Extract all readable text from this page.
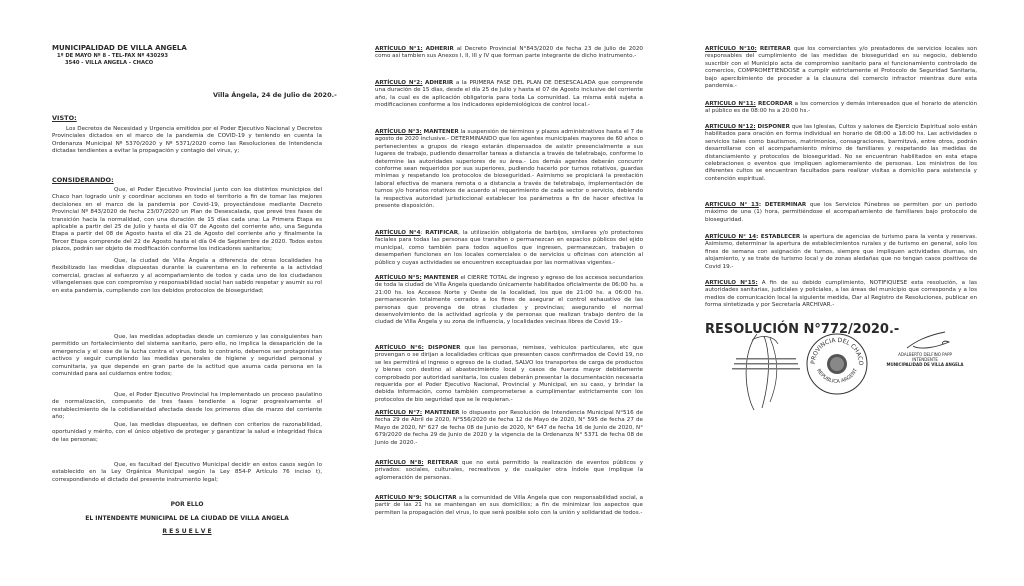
MUNICIPALIDAD DE VILLA ANGELA
1º DE MAYO Nº 8 - TEL-FAX Nº 430293
3540 - VILLA ANGELA - CHACO
Villa Ángela, 24 de Julio de 2020.-
VISTO:
Los Decretos de Necesidad y Urgencia emitidos por el Poder Ejecutivo Nacional y Decretos Provinciales dictados en el marco de la pandemia de COVID-19 y teniendo en cuenta la Ordenanza Municipal Nº 5370/2020 y Nº 5371/2020 como las Resoluciones de Intendencia dictadas tendientes a evitar la propagación y contagio del virus, y;
CONSIDERANDO:
Que, el Poder Ejecutivo Provincial junto con los distintos municipios del Chaco han logrado unir y coordinar acciones en todo el territorio a fin de tomar las mejores decisiones en el marco de la pandemia por Covid-19, proyectándose mediante Decreto Provincial Nº 843/2020 de fecha 23/07/2020 un Plan de Desescalada, que prevé tres fases de transición hacia la normalidad, con una duración de 15 días cada una: La Primera Etapa es aplicable a partir del 25 de Julio y hasta el día 07 de Agosto del corriente año, una Segunda Etapa a partir del 08 de Agosto hasta el día 21 de Agosto del corriente año y finalmente la Tercer Etapa comprende del 22 de Agosto hasta el día 04 de Septiembre de 2020. Todos estos plazos, podrán ser objeto de modificación conforme los indicadores sanitarios;
Que, la ciudad de Villa Ángela a diferencia de otras localidades ha flexibilizado las medidas dispuestas durante la cuarentena en lo referente a la actividad comercial, gracias al esfuerzo y al acompañamiento de todos y cada uno de los ciudadanos villangelenses que con compromiso y responsabilidad social han sabido respetar y asumir su rol en esta pandemia, cumpliendo con los debidos protocolos de bioseguridad;
Que, las medidas adoptadas desde un comienzo y las consiguientes han permitido un fortalecimiento del sistema sanitario, pero ello, no implica la desaparición de la emergencia y el cese de la lucha contra el virus, todo lo contrario, debemos ser protagonistas activos y seguir cumpliendo las medidas generales de higiene y seguridad personal y comunitaria, ya que depende en gran parte de la actitud que asuma cada persona en la comunidad para así cuidarnos entre todos;
Que, el Poder Ejecutivo Provincial ha implementado un proceso paulatino de normalización, compuesto de tres fases tendiente a lograr progresivamente el restablecimiento de la cotidianeidad afectada desde los primeros días de marzo del corriente año;
Que, las medidas dispuestas, se definen con criterios de razonabilidad, oportunidad y mérito, con el único objetivo de proteger y garantizar la salud e integridad física de las personas;
Que, es facultad del Ejecutivo Municipal decidir en estos casos según lo establecido en la Ley Orgánica Municipal según la Ley 854-P Artículo 76 inciso t), correspondiendo el dictado del presente instrumento legal;
POR ELLO
EL INTENDENTE MUNICIPAL DE LA CIUDAD DE VILLA ANGELA
R E S U E L V E
ARTÍCULO N°1: ADHERIR al Decreto Provincial N°843/2020 de fecha 23 de Julio de 2020 como así tambien sus Anexos I, II, III y IV que forman parte integrante de dicho instrumento.-
ARTÍCULO N°2: ADHERIR a la PRIMERA FASE DEL PLAN DE DESESCALADA que comprende una duración de 15 días, desde el día 25 de Julio y hasta el 07 de Agosto inclusive del corriente año, la cual es de aplicación obligatoria para toda La comunidad. La misma está sujeta a modificaciones conforme a los indicadores epidemiológicos de control local.-
ARTÍCULO N°3: MANTENER la suspensión de términos y plazos administrativos hasta el 7 de agosto de 2020 inclusive.- DETERMINANDO que los agentes municipales mayores de 60 años o pertenecientes a grupos de riesgo estarán dispensados de asistir presencialmente a sus lugares de trabajo, pudiendo desarrollar tareas a distancia a través de teletrabajo, conforme lo determine las autoridades superiores de su área.- Los demás agentes deberán concurrir conforme sean requeridos por sus superiores, pudiendo hacerlo por turnos rotativos, guardas mínimas y respetando los protocolos de bioseguridad.- Asimismo se propiciará la prestación laboral efectiva de manera remota o a distancia a través de teletrabajo, implementación de turnos y/o horarios rotativos de acuerdo al requerimiento de cada sector o servicio, debiendo la respectiva autoridad jurisdiccional establecer los parámetros a fin de hacer efectiva la presente disposición.
ARTÍCULO N°4: RATIFICAR, la utilización obligatoria de barbijos, similares y/o protectores faciales para todas las personas que transiten o permanezcan en espacios públicos del ejido municipal, como también para todos aquellos que ingresen, permanezcan, trabajen o desempeñen funciones en los locales comerciales o de servicios u oficinas con atención al público y cuyas actividades se encuentren exceptuadas por las normativas vigentes.-
ARTÍCULO N°5: MANTENER el CIERRE TOTAL de ingreso y egreso de los accesos secundarios de toda la ciudad de Villa Ángela quedando únicamente habilitados oficialmente de 06:00 hs. a 21:00 hs. los Accesos Norte y Oeste de la localidad, los que de 21:00 hs. a 06:00 hs. permanecerán totalmente cerrados a los fines de asegurar el control exhaustivo de las personas que provenga de otras ciudades y provincias; asegurando el normal desenvolvimiento de la actividad agrícola y de personas que realizan trabajo dentro de la ciudad de Villa Ángela y su zona de influencia, y localidades vecinas libres de Covid 19.-
ARTÍCULO N°6: DISPONER que las personas, remises, vehiculos particulares, etc que provengan o se dirijan a localidades críticas que presenten casos confirmados de Covid 19, no se les permitirá el ingreso o egreso de la ciudad, SALVO los transportes de carga de productos y bienes con destino al abastecimiento local y casos de fuerza mayor debidamente comprobado por autoridad sanitaria, los cuales deberán presentar la documentación necesaria requerida por el Poder Ejecutivo Nacional, Provincial y Municipal, en su caso, y brindar la debida información, como también comprometerse a cumplimentar estrictamente con los protocolos de bio seguridad que se le requieran.-
ARTÍCULO N°7: MANTENER lo dispuesto por Resolución de Intendencia Municipal N°516 de fecha 29 de Abril de 2020, N°556/2020 de fecha 12 de Mayo de 2020, N° 595 de fecha 27 de Mayo de 2020, N° 627 de fecha 08 de Junio de 2020, N° 647 de fecha 16 de Junio de 2020, N° 679/2020 de fecha 29 de Junio de 2020 y la vigencia de la Ordenanza N° 5371 de fecha 08 de Junio de 2020.-
ARTÍCULO N°8: REITERAR que no está permitido la realización de eventos públicos y privados: sociales, culturales, recreativos y de cualquier otra índole que implique la aglomeración de personas.
ARTÍCULO N°9: SOLICITAR a la comunidad de Villa Angela que con responsabilidad social, a partir de las 21 hs se mantengan en sus domicilios; a fin de minimizar los aspectos que permiten la propagación del virus, lo que será posible solo con la unión y solidaridad de todos.-
ARTÍCULO N°10: REITERAR que los comerciantes y/o prestadores de servicios locales son responsables del cumplimiento de las medidas de bioseguridad en su negocio, debiendo suscribir con el Municipio acta de compromiso sanitario para el funcionamiento controlado de comercios, COMPROMETIENDOSE a cumplir estrictamente el Protocolo de Seguridad Sanitaria, bajo apercibimiento de proceder a la clausura del comercio infractor mientras dure esta pandemia.-
ARTICULO N°11: RECORDAR a los comercios y demás interesados que el horario de atención al público es de 08:00 hs a 20:00 hs.-
ARTICULO N°12: DISPONER que las Iglesias, Cultos y salones de Ejercicio Espiritual solo están habilitados para oración en forma individual en horario de 08:00 a 18:00 hs. Las actividades o servicios tales como bautismos, matrimonios, consagraciones, barmitzvá, entre otros, podrán desarrollarse con el acompañamiento mínimo de familiares y respetando las medidas de distanciamiento y protocolos de bioseguridad. No se encuentran habilitados en esta etapa celebraciones o eventos que impliquen aglomeramiento de personas. Los ministros de los diferentes cultos se encuentran facultados para realizar visitas a domicilio para asistencia y contención espiritual.
ARTICULO N° 13: DETERMINAR que los Servicios Fúnebres se permiten por un periodo máximo de una (1) hora, permitiéndose el acompañamiento de familiares bajo protocolo de bioseguridad.
ARTÍCULO N° 14: ESTABLECER la apertura de agencias de turismo para la venta y reservas. Asimismo, determinar la apertura de establecimientos rurales y de turismo en general, solo los fines de semana con asignación de turnos, siempre que impliquen actividades diurnas, sin alojamiento, y se trate de turismo local y de zonas aledañas que no tengan casos positivos de Covid 19.-
ARTICULO N°15: A fin de su debido cumplimiento, NOTIFIQUESE esta resolución, a las autoridades sanitarias, judiciales y policiales, a las áreas del municipio que corresponda y a los medios de comunicación local la siguiente medida, Dar al Registro de Resoluciones, publicar en forma sintetizada y por Secretaría ARCHIVAR.-
RESOLUCIÓN N°772/2020.-
PROVINCIA DEL CHACO
REPUBLICA ARGENT
ADALBERTO DELFINO PAPP
INTENDENTE
MUNICIPALIDAD DE VILLA ANGELA
